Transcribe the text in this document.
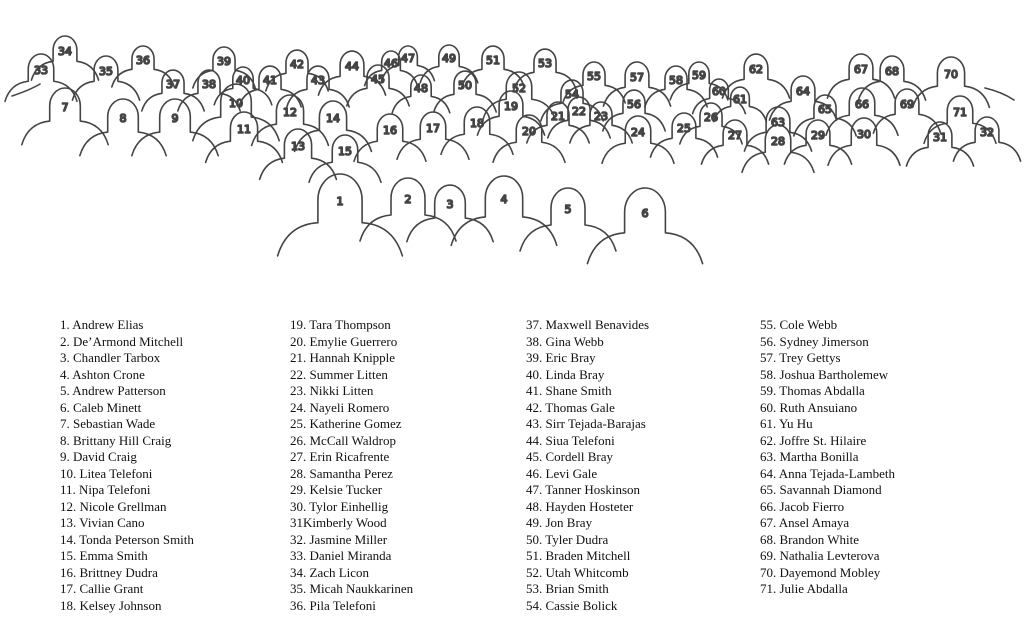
34
47 49
36	51
39	46	53
42	44	62	67
33	35	68	70
59
55	57
45
40 41	43	58
37 38	50
48	52	60	64
54	61
10	56	66	69
19
7	65
22
12	71
21	23	26
8	9	14	63
18
17	25
11	16	20	24	32
30
27	29	31
28
13	15
2	4
1	3	5	6
1. Andrew Elias
2. De’Armond Mitchell
3. Chandler Tarbox
4. Ashton Crone
5. Andrew Patterson
6. Caleb Minett
7. Sebastian Wade
8. Brittany Hill Craig
9. David Craig
10. Litea Telefoni
11. Nipa Telefoni
12. Nicole Grellman
13. Vivian Cano
14. Tonda Peterson Smith
15. Emma Smith
16. Brittney Dudra
17. Callie Grant
18. Kelsey Johnson
19. Tara Thompson
20. Emylie Guerrero
21. Hannah Knipple
22. Summer Litten
23. Nikki Litten
24. Nayeli Romero
25. Katherine Gomez
26. McCall Waldrop
27. Erin Ricafrente
28. Samantha Perez
29. Kelsie Tucker
30. Tylor Einhellig
31Kimberly Wood
32. Jasmine Miller
33. Daniel Miranda
34. Zach Licon
35. Micah Naukkarinen
36. Pila Telefoni
37. Maxwell Benavides
38. Gina Webb
39. Eric Bray
40. Linda Bray
41. Shane Smith
42. Thomas Gale
43. Sirr Tejada-Barajas
44. Siua Telefoni
45. Cordell Bray
46. Levi Gale
47. Tanner Hoskinson
48. Hayden Hosteter
49. Jon Bray
50. Tyler Dudra
51. Braden Mitchell
52. Utah Whitcomb
53. Brian Smith
54. Cassie Bolick
55. Cole Webb
56. Sydney Jimerson
57. Trey Gettys
58. Joshua Bartholemew
59. Thomas Abdalla
60. Ruth Ansuiano
61. Yu Hu
62. Joffre St. Hilaire
63. Martha Bonilla
64. Anna Tejada-Lambeth
65. Savannah Diamond
66. Jacob Fierro
67. Ansel Amaya
68. Brandon White
69. Nathalia Levterova
70. Dayemond Mobley
71. Julie Abdalla
